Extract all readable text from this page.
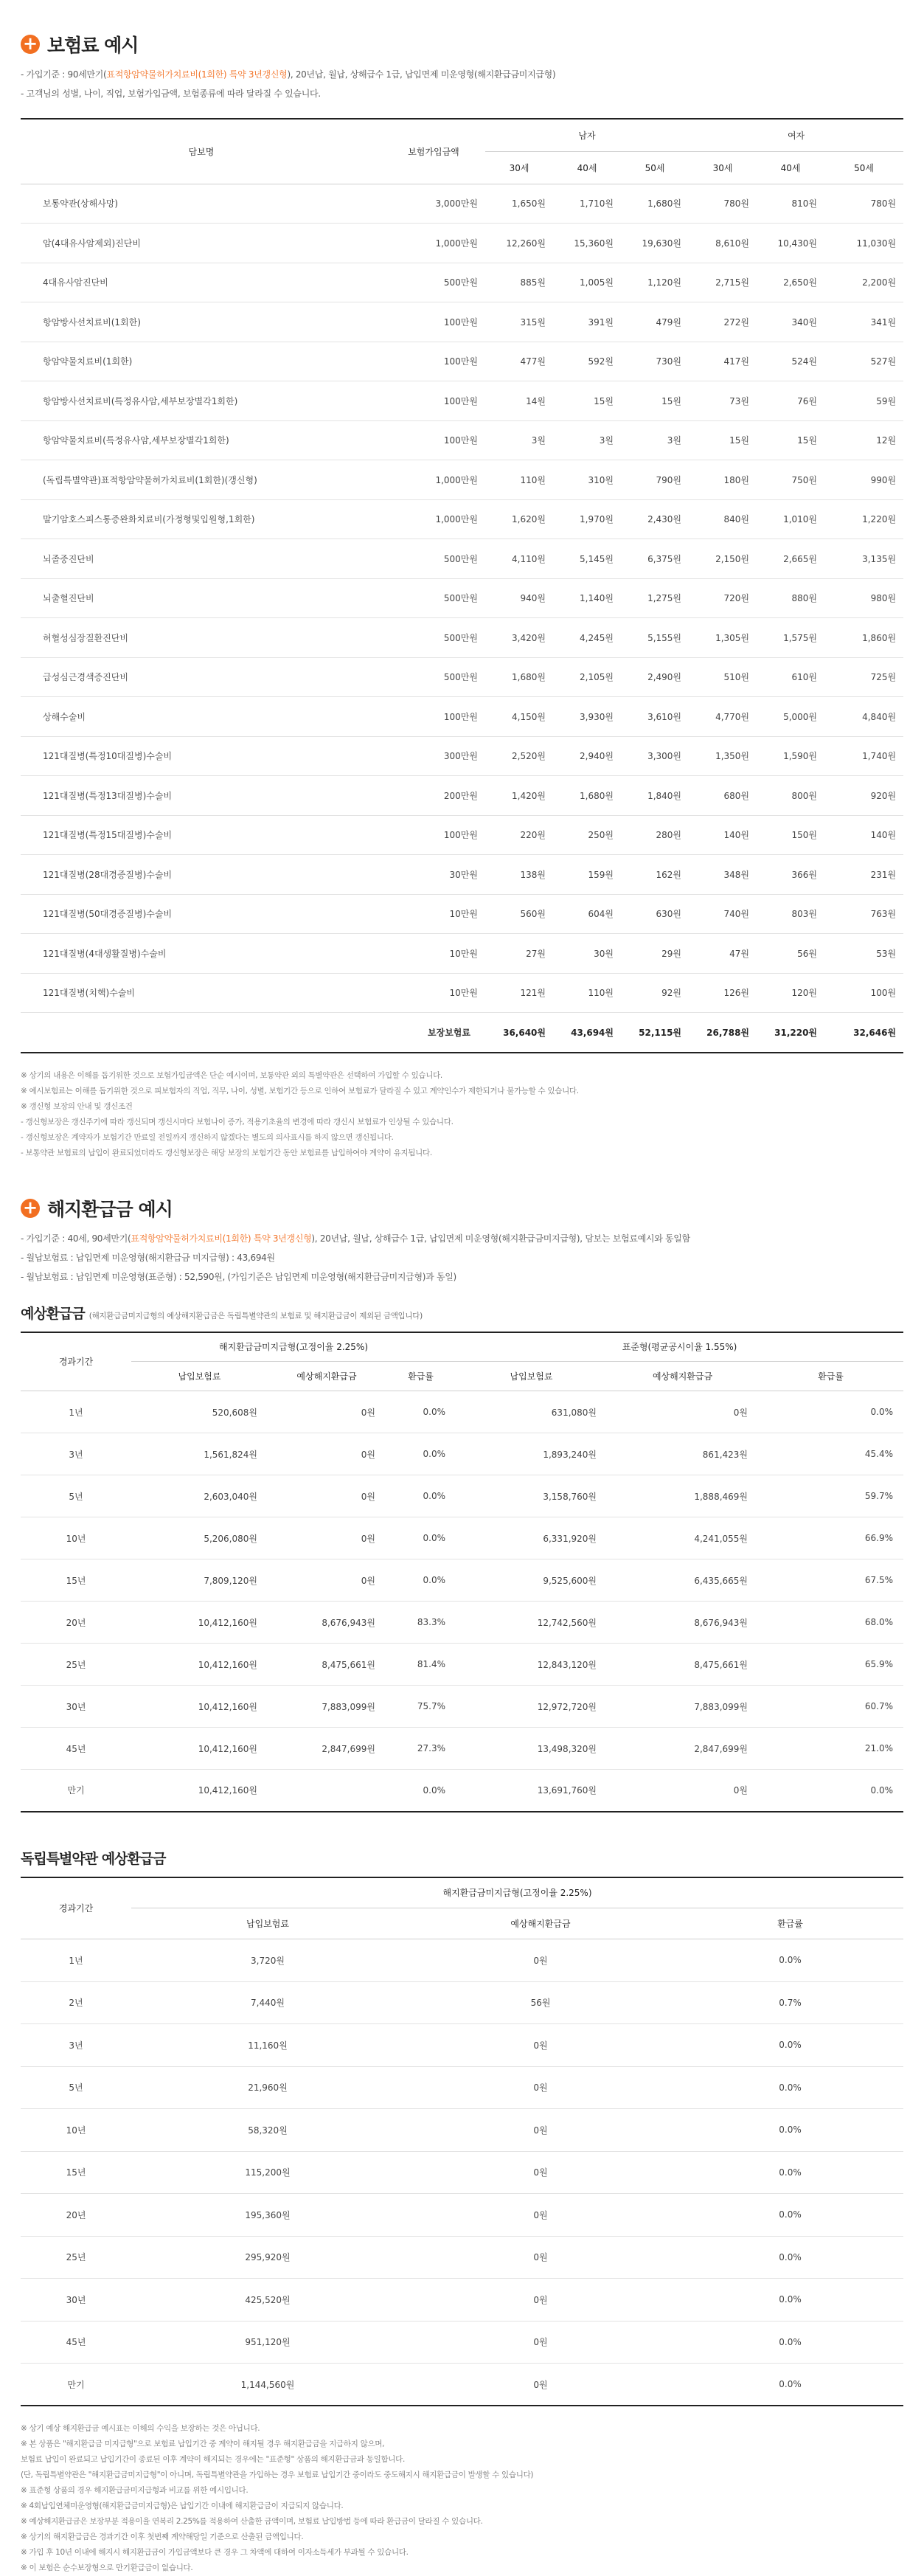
+ 보험료 예시
- 가입기준 : 90세만기(표적항암약물허가치료비(1회한) 특약 3년갱신형), 20년납, 월납, 상해급수 1급, 납입면제 미운영형(해지환급금미지급형)
- 고객님의 성별, 나이, 직업, 보험가입금액, 보험종류에 따라 달라질 수 있습니다.
담보명	보험가입금액	남자			여자		
		30세	40세	50세	30세	40세	50세
보통약관(상해사망)	3,000만원	1,650원	1,710원	1,680원	780원	810원	780원
암(4대유사암제외)진단비	1,000만원	12,260원	15,360원	19,630원	8,610원	10,430원	11,030원
4대유사암진단비	500만원	885원	1,005원	1,120원	2,715원	2,650원	2,200원
항암방사선치료비(1회한)	100만원	315원	391원	479원	272원	340원	341원
항암약물치료비(1회한)	100만원	477원	592원	730원	417원	524원	527원
항암방사선치료비(특정유사암,세부보장별각1회한)	100만원	14원	15원	15원	73원	76원	59원
항암약물치료비(특정유사암,세부보장별각1회한)	100만원	3원	3원	3원	15원	15원	12원
(독립특별약관)표적항암약물허가치료비(1회한)(갱신형)	1,000만원	110원	310원	790원	180원	750원	990원
말기암호스피스통증완화치료비(가정형및입원형,1회한)	1,000만원	1,620원	1,970원	2,430원	840원	1,010원	1,220원
뇌졸중진단비	500만원	4,110원	5,145원	6,375원	2,150원	2,665원	3,135원
뇌출혈진단비	500만원	940원	1,140원	1,275원	720원	880원	980원
허혈성심장질환진단비	500만원	3,420원	4,245원	5,155원	1,305원	1,575원	1,860원
급성심근경색증진단비	500만원	1,680원	2,105원	2,490원	510원	610원	725원
상해수술비	100만원	4,150원	3,930원	3,610원	4,770원	5,000원	4,840원
121대질병(특정10대질병)수술비	300만원	2,520원	2,940원	3,300원	1,350원	1,590원	1,740원
121대질병(특정13대질병)수술비	200만원	1,420원	1,680원	1,840원	680원	800원	920원
121대질병(특정15대질병)수술비	100만원	220원	250원	280원	140원	150원	140원
121대질병(28대경증질병)수술비	30만원	138원	159원	162원	348원	366원	231원
121대질병(50대경증질병)수술비	10만원	560원	604원	630원	740원	803원	763원
121대질병(4대생활질병)수술비	10만원	27원	30원	29원	47원	56원	53원
121대질병(치핵)수술비	10만원	121원	110원	92원	126원	120원	100원
보장보험료		36,640원	43,694원	52,115원	26,788원	31,220원	32,646원
※ 상기의 내용은 이해를 돕기위한 것으로 보험가입금액은 단순 예시이며, 보통약관 외의 특별약관은 선택하여 가입할 수 있습니다.
※ 예시보험료는 이해를 돕기위한 것으로 피보험자의 직업, 직무, 나이, 성별, 보험기간 등으로 인하여 보험료가 달라질 수 있고 계약인수가 제한되거나 불가능할 수 있습니다.
※ 갱신형 보장의 안내 및 갱신조건
- 갱신형보장은 갱신주기에 따라 갱신되며 갱신시마다 보험나이 증가, 적용기초율의 변경에 따라 갱신시 보험료가 인상될 수 있습니다.
- 갱신형보장은 계약자가 보험기간 만료일 전일까지 갱신하지 않겠다는 별도의 의사표시를 하지 않으면 갱신됩니다.
- 보통약관 보험료의 납입이 완료되었더라도 갱신형보장은 해당 보장의 보험기간 동안 보험료를 납입하여야 계약이 유지됩니다.
+ 해지환급금 예시
- 가입기준 : 40세, 90세만기(표적항암약물허가치료비(1회한) 특약 3년갱신형), 20년납, 월납, 상해급수 1급, 납입면제 미운영형(해지환급금미지급형), 담보는 보험료예시와 동일함
- 월납보험료 : 납입면제 미운영형(해지환급금 미지급형) : 43,694원
- 월납보험료 : 납입면제 미운영형(표준형) : 52,590원, (가입기준은 납입면제 미운영형(해지환급금미지급형)과 동일)
예상환급금 (해지환급금미지급형의 예상해지환급금은 독립특별약관의 보험료 및 해지환급금이 제외된 금액입니다)
경과기간	해지환급금미지급형(고정이율 2.25%)			표준형(평균공시이율 1.55%)		
	납입보험료	예상해지환급금	환급률	납입보험료	예상해지환급금	환급률
1년	520,608원	0원	0.0%	631,080원	0원	0.0%
3년	1,561,824원	0원	0.0%	1,893,240원	861,423원	45.4%
5년	2,603,040원	0원	0.0%	3,158,760원	1,888,469원	59.7%
10년	5,206,080원	0원	0.0%	6,331,920원	4,241,055원	66.9%
15년	7,809,120원	0원	0.0%	9,525,600원	6,435,665원	67.5%
20년	10,412,160원	8,676,943원	83.3%	12,742,560원	8,676,943원	68.0%
25년	10,412,160원	8,475,661원	81.4%	12,843,120원	8,475,661원	65.9%
30년	10,412,160원	7,883,099원	75.7%	12,972,720원	7,883,099원	60.7%
45년	10,412,160원	2,847,699원	27.3%	13,498,320원	2,847,699원	21.0%
만기	10,412,160원		0.0%	13,691,760원	0원	0.0%
독립특별약관 예상환급금
경과기간	해지환급금미지급형(고정이율 2.25%)		
	납입보험료	예상해지환급금	환급률
1년	3,720원	0원	0.0%
2년	7,440원	56원	0.7%
3년	11,160원	0원	0.0%
5년	21,960원	0원	0.0%
10년	58,320원	0원	0.0%
15년	115,200원	0원	0.0%
20년	195,360원	0원	0.0%
25년	295,920원	0원	0.0%
30년	425,520원	0원	0.0%
45년	951,120원	0원	0.0%
만기	1,144,560원	0원	0.0%
※ 상기 예상 해지환급금 예시표는 이해의 수익을 보장하는 것은 아닙니다.
※ 본 상품은 "해지환급금 미지급형"으로 보험료 납입기간 중 계약이 해지될 경우 해지환급금을 지급하지 않으며,
보험료 납입이 완료되고 납입기간이 종료된 이후 계약이 해지되는 경우에는 "표준형" 상품의 해지환급금과 동일합니다.
(단, 독립특별약관은 "해지환급금미지급형"이 아니며, 독립특별약관을 가입하는 경우 보험료 납입기간 중이라도 중도해지시 해지환급금이 발생할 수 있습니다)
※ 표준형 상품의 경우 해지환급금미지급형과 비교를 위한 예시입니다.
※ 4회납입연체미운영형(해지환급금미지급형)은 납입기간 이내에 해지환급금이 지급되지 않습니다.
※ 예상해지환급금은 보장부분 적용이율 연복리 2.25%를 적용하여 산출한 금액이며, 보험료 납입방법 등에 따라 환급금이 달라질 수 있습니다.
※ 상기의 해지환급금은 경과기간 이후 첫번째 계약해당일 기준으로 산출된 금액입니다.
※ 가입 후 10년 이내에 해지시 해지환급금이 가입금액보다 큰 경우 그 차액에 대하여 이자소득세가 부과될 수 있습니다.
※ 이 보험은 순수보장형으로 만기환급금이 없습니다.
